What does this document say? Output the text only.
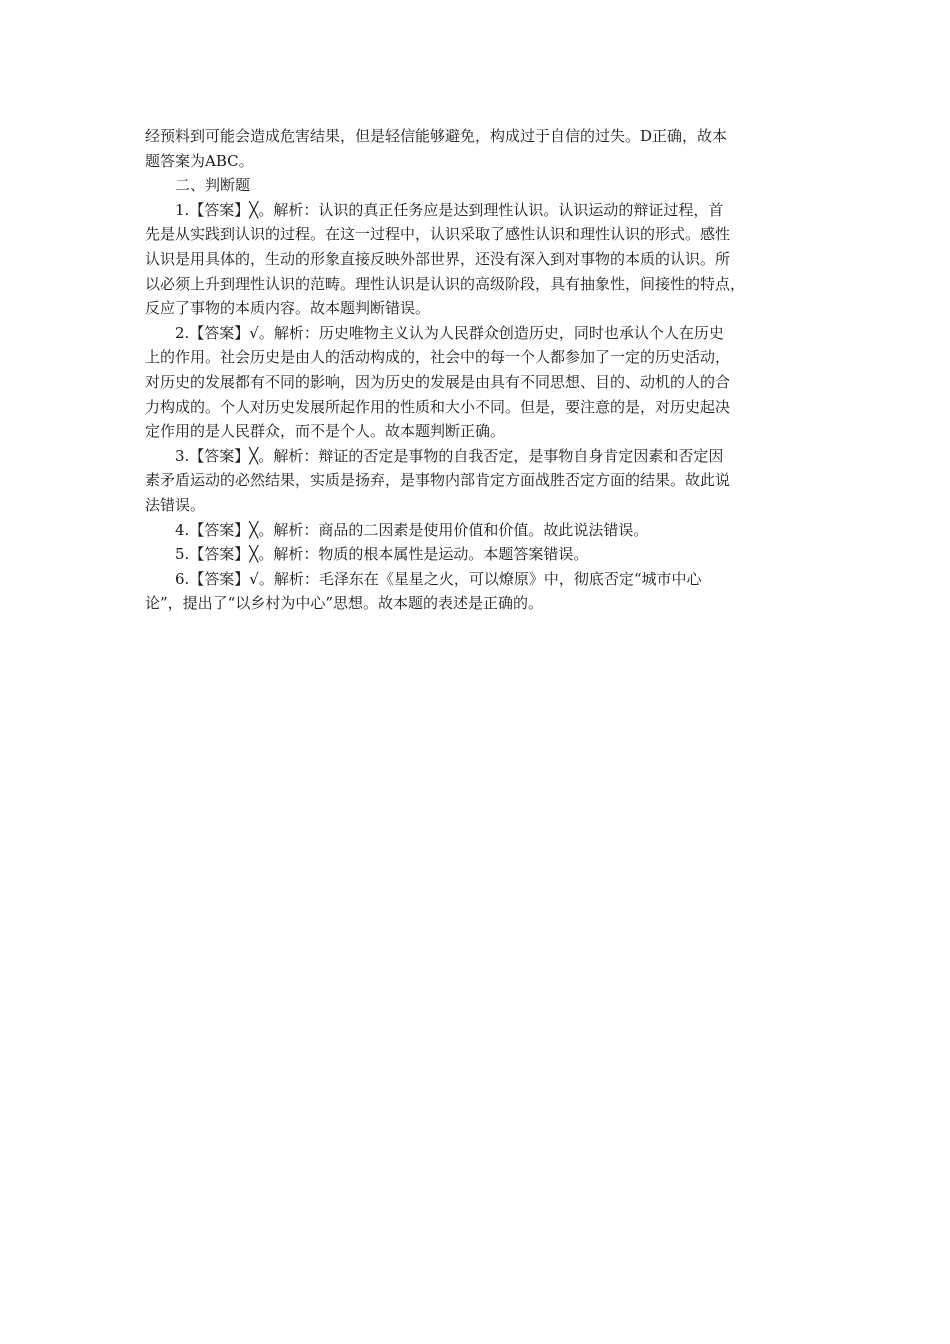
经预料到可能会造成危害结果，但是轻信能够避免，构成过于自信的过失。D正确，故本
题答案为ABC。
二、判断题
1.【答案】╳。解析：认识的真正任务应是达到理性认识。认识运动的辩证过程，首
先是从实践到认识的过程。在这一过程中，认识采取了感性认识和理性认识的形式。感性
认识是用具体的，生动的形象直接反映外部世界，还没有深入到对事物的本质的认识。所
以必须上升到理性认识的范畴。理性认识是认识的高级阶段，具有抽象性，间接性的特点，
反应了事物的本质内容。故本题判断错误。
2.【答案】√。解析：历史唯物主义认为人民群众创造历史，同时也承认个人在历史
上的作用。社会历史是由人的活动构成的，社会中的每一个人都参加了一定的历史活动，
对历史的发展都有不同的影响，因为历史的发展是由具有不同思想、目的、动机的人的合
力构成的。个人对历史发展所起作用的性质和大小不同。但是，要注意的是，对历史起决
定作用的是人民群众，而不是个人。故本题判断正确。
3.【答案】╳。解析：辩证的否定是事物的自我否定，是事物自身肯定因素和否定因
素矛盾运动的必然结果，实质是扬弃，是事物内部肯定方面战胜否定方面的结果。故此说
法错误。
4.【答案】╳。解析：商品的二因素是使用价值和价值。故此说法错误。
5.【答案】╳。解析：物质的根本属性是运动。本题答案错误。
6.【答案】√。解析：毛泽东在《星星之火，可以燎原》中，彻底否定“城市中心
论”，提出了“以乡村为中心”思想。故本题的表述是正确的。
